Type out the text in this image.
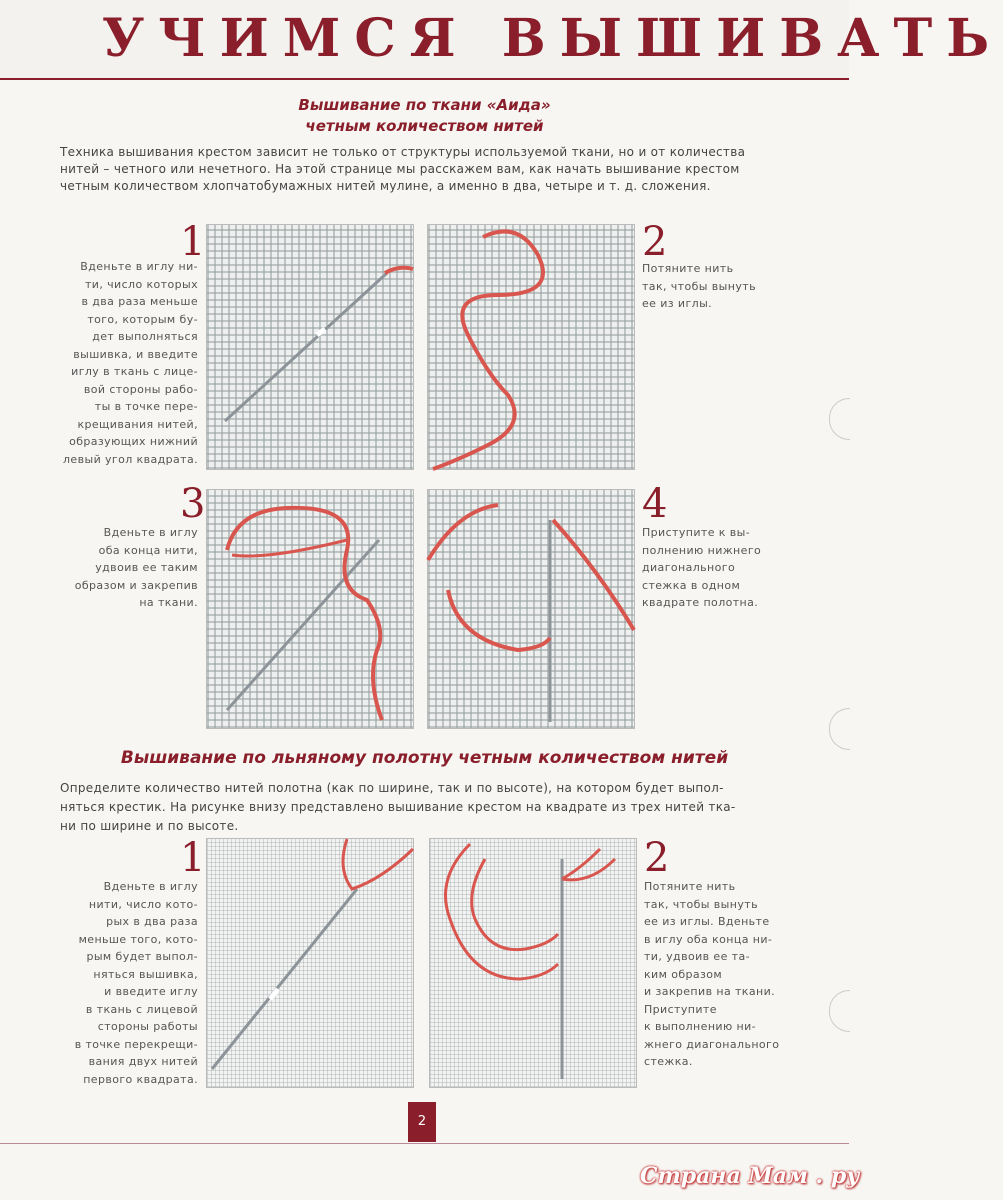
УЧИМСЯ ВЫШИВАТЬ
Вышивание по ткани «Аида»
четным количеством нитей
Техника вышивания крестом зависит не только от структуры используемой ткани, но и от количества
нитей – четного или нечетного. На этой странице мы расскажем вам, как начать вышивание крестом
четным количеством хлопчатобумажных нитей мулине, а именно в два, четыре и т. д. сложения.
1
Вденьте в иглу ни-
ти, число которых
в два раза меньше
того, которым бу-
дет выполняться
вышивка, и введите
иглу в ткань с лице-
вой стороны рабо-
ты в точке пере-
крещивания нитей,
образующих нижний
левый угол квадрата.
2
Потяните нить
так, чтобы вынуть
ее из иглы.
3
Вденьте в иглу
оба конца нити,
удвоив ее таким
образом и закрепив
на ткани.
4
Приступите к вы-
полнению нижнего
диагонального
стежка в одном
квадрате полотна.
Вышивание по льняному полотну четным количеством нитей
Определите количество нитей полотна (как по ширине, так и по высоте), на котором будет выпол-
няться крестик. На рисунке внизу представлено вышивание крестом на квадрате из трех нитей тка-
ни по ширине и по высоте.
1
Вденьте в иглу
нити, число кото-
рых в два раза
меньше того, кото-
рым будет выпол-
няться вышивка,
и введите иглу
в ткань с лицевой
стороны работы
в точке перекрещи-
вания двух нитей
первого квадрата.
2
Потяните нить
так, чтобы вынуть
ее из иглы. Вденьте
в иглу оба конца ни-
ти, удвоив ее та-
ким образом
и закрепив на ткани.
Приступите
к выполнению ни-
жнего диагонального
стежка.
2
Страна Мам . ру
